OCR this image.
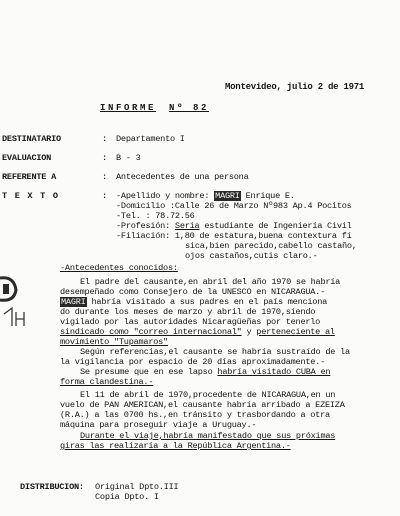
Montevideo, julio 2 de 1971
INFORME Nº 82
DESTINATARIO	: Departamento I
EVALUACION	: B - 3
REFERENTE A	: Antecedentes de una persona
T E X T O	: -Apellido y nombre: MAGRI Enrique E.
-Domicilio :Calle 26 de Marzo Nº983 Ap.4 Pocitos
-Tel. : 78.72.56
-Profesión: Seria estudiante de Ingeniería Civil
-Filiación: 1,80 de estatura,buena contextura fí
sica,bien parecido,cabello castaño,
ojos castaños,cutis claro.-
-Antecedentes conocidos:
El padre del causante,en abril del año 1970 se habría
desempeñado como Consejero de la UNESCO en NICARAGUA.-
MAGRI habría visitado a sus padres en el país menciona
do durante los meses de marzo y abril de 1970,siendo
vigilado por las autoridades Nicaragüeñas por tenerlo
sindicado como "correo internacional" y perteneciente al
movimiento "Tupamaros"
Según referencias,el causante se habría sustraído de la
la vigilancia por espacio de 20 días aproximadamente.-
Se presume que en ese lapso habría visitado CUBA en
forma clandestina.-
El 11 de abril de 1970,procedente de NICARAGUA,en un
vuelo de PAN AMERICAN,el causante habría arribado a EZEIZA
(R.A.) a las 0700 hs.,en tránsito y trasbordando a otra
máquina para proseguir viaje a Uruguay.-
Durante el viaje,habría manifestado que sus próximas
giras las realizaría a la República Argentina.-
DISTRIBUCION: Original Dpto.III
Copia Dpto. I
